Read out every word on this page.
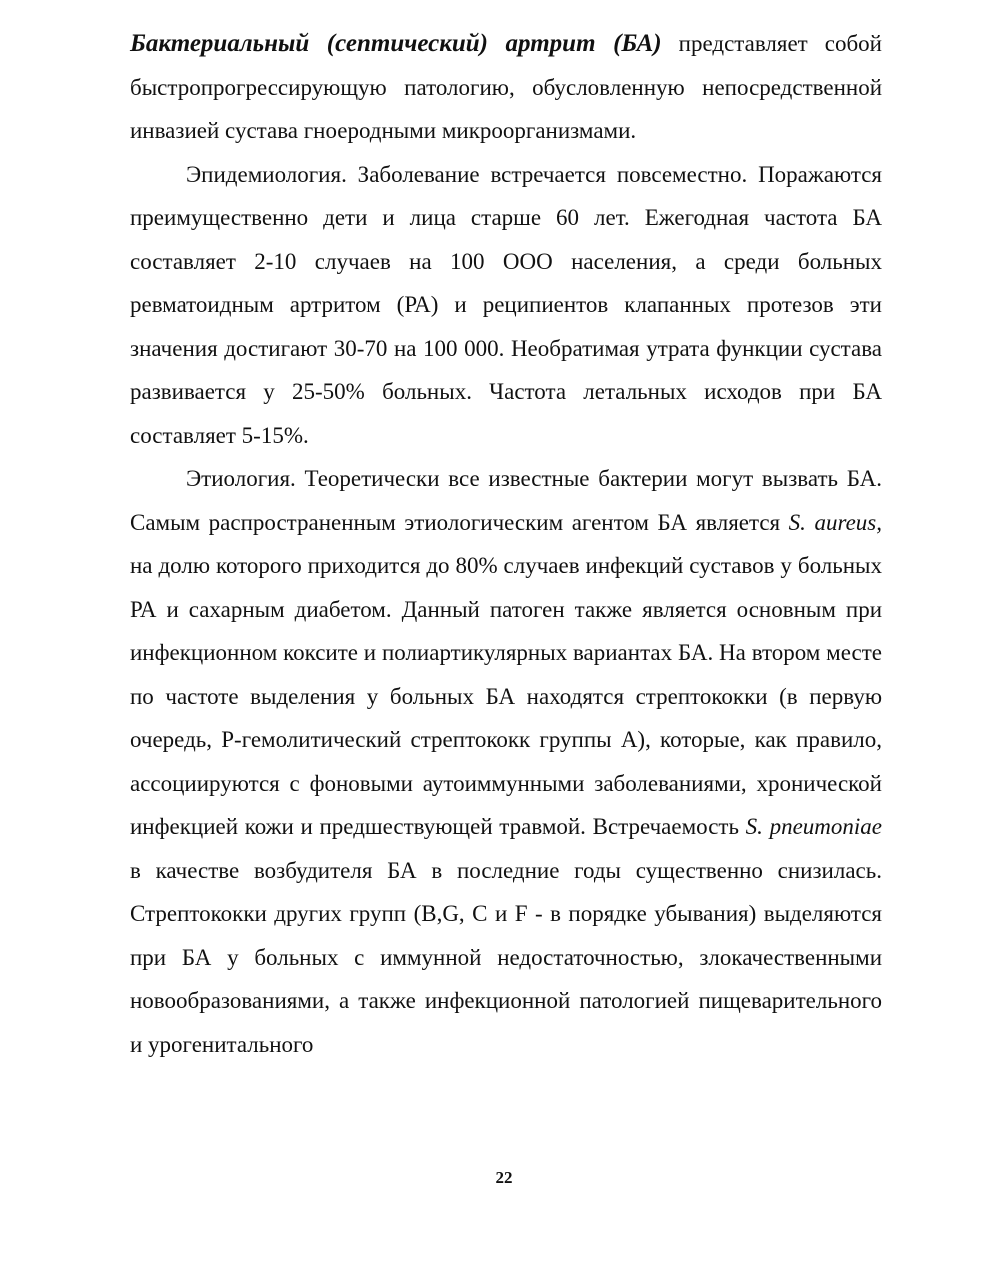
Бактериальный (септический) артрит (БА) представляет собой быстропрогрессирующую патологию, обусловленную непосредственной инвазией сустава гноеродными микроорганизмами.

Эпидемиология. Заболевание встречается повсеместно. Поражаются преимущественно дети и лица старше 60 лет. Ежегодная частота БА составляет 2-10 случаев на 100 ООО населения, а среди больных ревматоидным артритом (РА) и реципиентов клапанных протезов эти значения достигают 30-70 на 100 000. Необратимая утрата функции сустава развивается у 25-50% больных. Частота летальных исходов при БА составляет 5-15%.

Этиология. Теоретически все известные бактерии могут вызвать БА. Самым распространенным этиологическим агентом БА является S. aureus, на долю которого приходится до 80% случаев инфекций суставов у больных РА и сахарным диабетом. Данный патоген также является основным при инфекционном коксите и полиартикулярных вариантах БА. На втором месте по частоте выделения у больных БА находятся стрептококки (в первую очередь, Р-гемолитический стрептококк группы А), которые, как правило, ассоциируются с фоновыми аутоиммунными заболеваниями, хронической инфекцией кожи и предшествующей травмой. Встречаемость S. pneumoniae в качестве возбудителя БА в последние годы существенно снизилась. Стрептококки других групп (B,G, С и F - в порядке убывания) выделяются при БА у больных с иммунной недостаточностью, злокачественными новообразованиями, а также инфекционной патологией пищеварительного и урогенитального

22
